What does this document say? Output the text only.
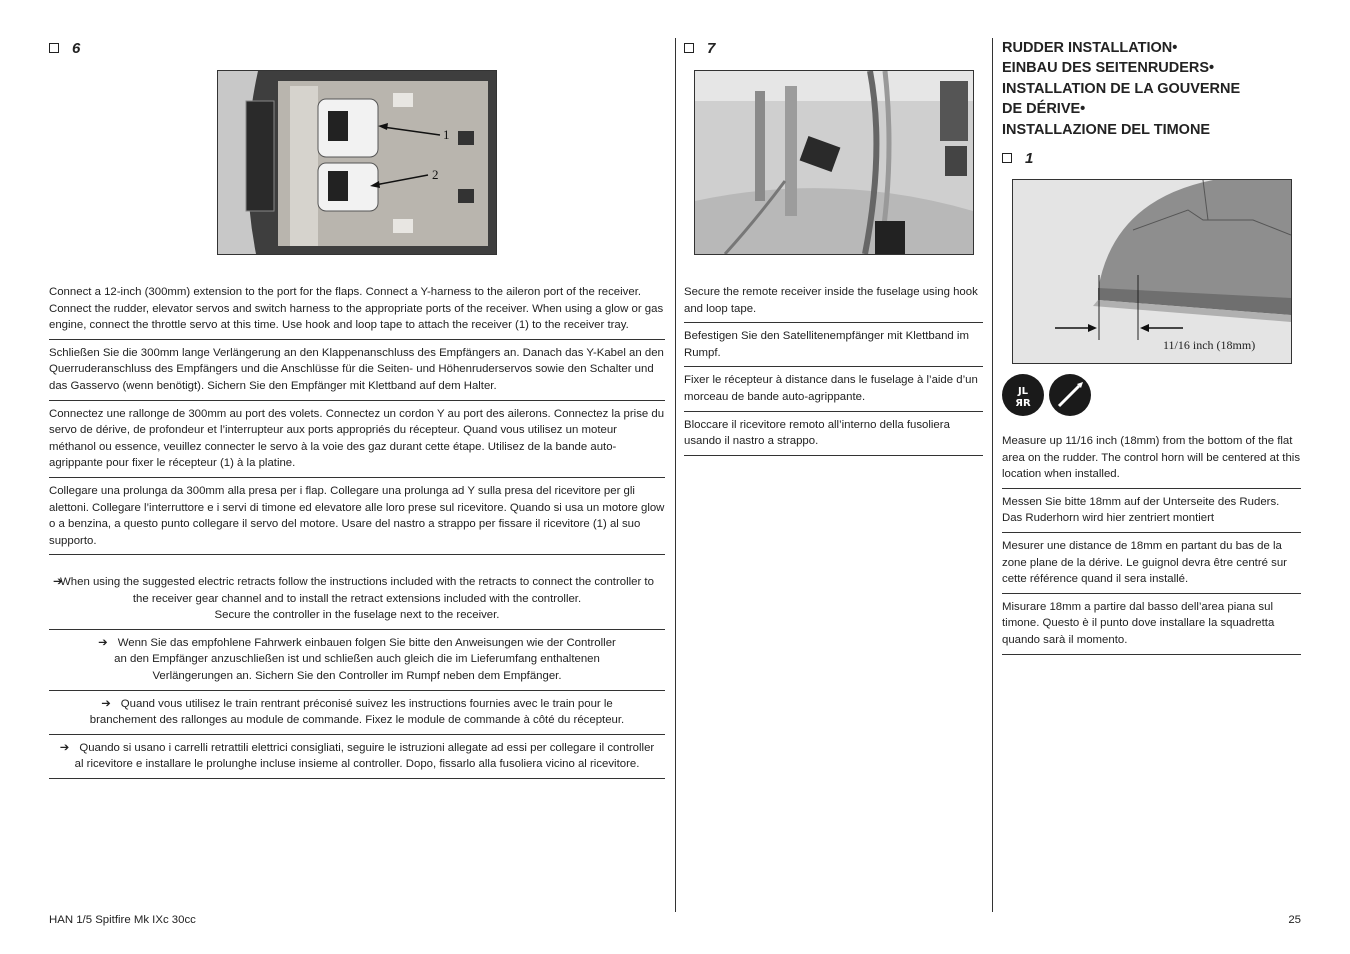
6
1
2

Connect a 12-inch (300mm) extension to the port for the flaps. Connect a Y-harness to the aileron port of the receiver. Connect the rudder, elevator servos and switch harness to the appropriate ports of the receiver. When using a glow or gas engine, connect the throttle servo at this time. Use hook and loop tape to attach the receiver (1) to the receiver tray.

Schließen Sie die 300mm lange Verlängerung an den Klappenanschluss des Empfängers an. Danach das Y-Kabel an den Querruderanschluss des Empfängers und die Anschlüsse für die Seiten- und Höhenruderservos sowie den Schalter und das Gasservo (wenn benötigt). Sichern Sie den Empfänger mit Klettband auf dem Halter.

Connectez une rallonge de 300mm au port des volets. Connectez un cordon Y au port des ailerons. Connectez la prise du servo de dérive, de profondeur et l’interrupteur aux ports appropriés du récepteur. Quand vous utilisez un moteur méthanol ou essence, veuillez connecter le servo à la voie des gaz durant cette étape. Utilisez de la bande auto-agrippante pour fixer le récepteur (1) à la platine.

Collegare una prolunga da 300mm alla presa per i flap. Collegare una prolunga ad Y sulla presa del ricevitore per gli alettoni. Collegare l’interruttore e i servi di timone ed elevatore alle loro prese sul ricevitore. Quando si usa un motore glow o a benzina, a questo punto collegare il servo del motore. Usare del nastro a strappo per fissare il ricevitore (1) al suo supporto.

➔
When using the suggested electric retracts follow the instructions included with the retracts to connect the controller to
the receiver gear channel and to install the retract extensions included with the controller.
Secure the controller in the fuselage next to the receiver.
➔ Wenn Sie das empfohlene Fahrwerk einbauen folgen Sie bitte den Anweisungen wie der Controller
an den Empfänger anzuschließen ist und schließen auch gleich die im Lieferumfang enthaltenen
Verlängerungen an. Sichern Sie den Controller im Rumpf neben dem Empfänger.
➔ Quand vous utilisez le train rentrant préconisé suivez les instructions fournies avec le train pour le
branchement des rallonges au module de commande. Fixez le module de commande à côté du récepteur.
➔ Quando si usano i carrelli retrattili elettrici consigliati, seguire le istruzioni allegate ad essi per collegare il controller
al ricevitore e installare le prolunghe incluse insieme al controller. Dopo, fissarlo alla fusoliera vicino al ricevitore.
7

Secure the remote receiver inside the fuselage using hook and loop tape.

Befestigen Sie den Satellitenempfänger mit Klettband im Rumpf.

Fixer le récepteur à distance dans le fuselage à l’aide d’un morceau de bande auto-agrippante.

Bloccare il ricevitore remoto all’interno della fusoliera usando il nastro a strappo.

RUDDER INSTALLATION•

EINBAU DES SEITENRUDERS•

INSTALLATION DE LA GOUVERNE

DE DÉRIVE•

INSTALLAZIONE DEL TIMONE

1
11/16 inch (18mm)
JL
ЯR

Measure up 11/16 inch (18mm) from the bottom of the flat area on the rudder. The control horn will be centered at this location when installed.

Messen Sie bitte 18mm auf der Unterseite des Ruders. Das Ruderhorn wird hier zentriert montiert

Mesurer une distance de 18mm en partant du bas de la zone plane de la dérive. Le guignol devra être centré sur cette référence quand il sera installé.

Misurare 18mm a partire dal basso dell’area piana sul timone. Questo è il punto dove installare la squadretta quando sarà il momento.

HAN 1/5 Spitfire Mk IXc 30cc	25
